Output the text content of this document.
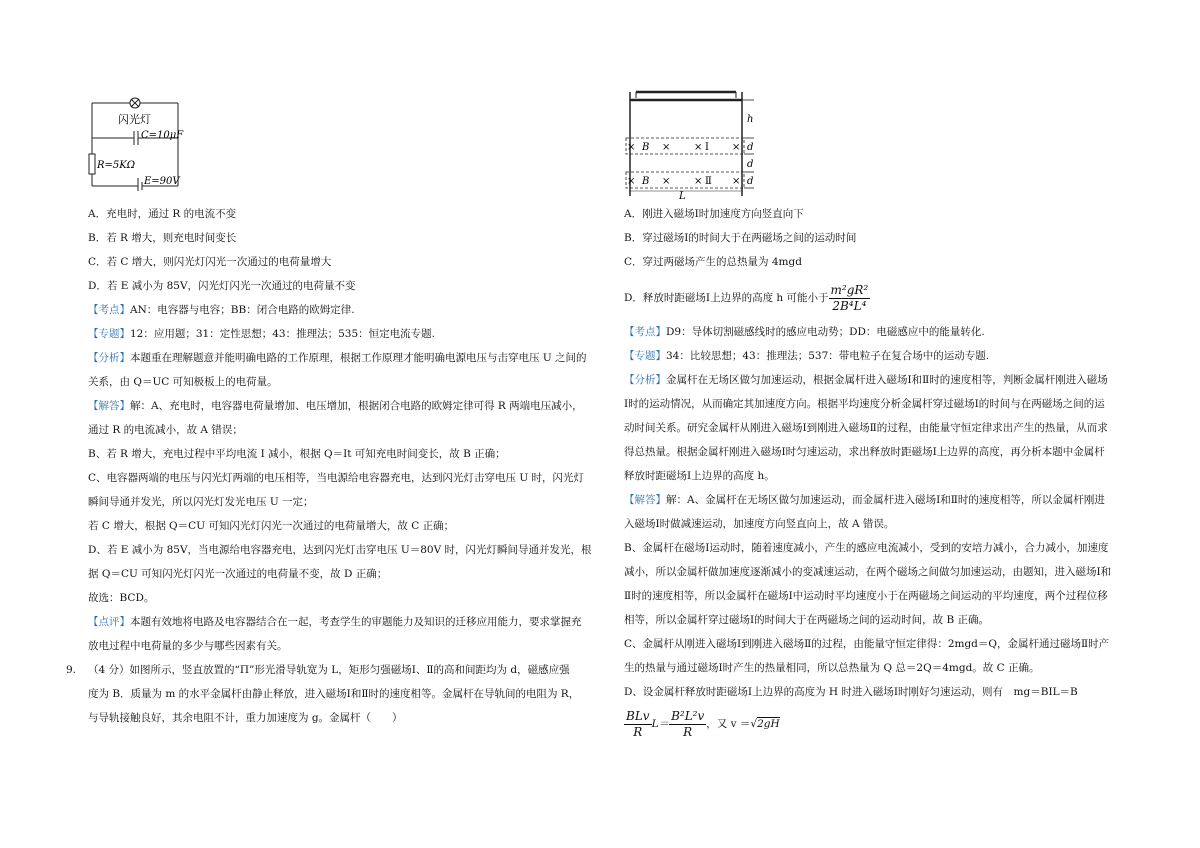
闪光灯
C=10μF
R=5KΩ
E=90V
A．充电时，通过 R 的电流不变
B．若 R 增大，则充电时间变长
C．若 C 增大，则闪光灯闪光一次通过的电荷量增大
D．若 E 减小为 85V，闪光灯闪光一次通过的电荷量不变
【考点】AN：电容器与电容；BB：闭合电路的欧姆定律.
【专题】12：应用题；31：定性思想；43：推理法；535：恒定电流专题.
【分析】本题重在理解题意并能明确电路的工作原理，根据工作原理才能明确电源电压与击穿电压 U 之间的
关系，由 Q＝UC 可知极板上的电荷量。
【解答】解：A、充电时，电容器电荷量增加、电压增加，根据闭合电路的欧姆定律可得 R 两端电压减小，
通过 R 的电流减小，故 A 错误；
B、若 R 增大，充电过程中平均电流 I 减小，根据 Q＝It 可知充电时间变长，故 B 正确；
C、电容器两端的电压与闪光灯两端的电压相等，当电源给电容器充电，达到闪光灯击穿电压 U 时，闪光灯
瞬间导通并发光，所以闪光灯发光电压 U 一定；
若 C 增大，根据 Q＝CU 可知闪光灯闪光一次通过的电荷量增大，故 C 正确；
D、若 E 减小为 85V，当电源给电容器充电，达到闪光灯击穿电压 U＝80V 时，闪光灯瞬间导通并发光，根
据 Q＝CU 可知闪光灯闪光一次通过的电荷量不变，故 D 正确；
故选：BCD。
【点评】本题有效地将电路及电容器结合在一起，考查学生的审题能力及知识的迁移应用能力，要求掌握充
放电过程中电荷量的多少与哪些因素有关。
9. （4 分）如图所示，竖直放置的“Π”形光滑导轨宽为 L，矩形匀强磁场Ⅰ、Ⅱ的高和间距均为 d，磁感应强
度为 B．质量为 m 的水平金属杆由静止释放，进入磁场Ⅰ和Ⅱ时的速度相等。金属杆在导轨间的电阻为 R，
与导轨接触良好，其余电阻不计，重力加速度为 g。金属杆（　　）
h
d
d
d
L
× B × × Ⅰ ×
× B × × Ⅱ ×
A．刚进入磁场Ⅰ时加速度方向竖直向下
B．穿过磁场Ⅰ的时间大于在两磁场之间的运动时间
C．穿过两磁场产生的总热量为 4mgd
D．释放时距磁场Ⅰ上边界的高度 h 可能小于 $\frac{\text{m²gR²}}{\text{2B⁴L⁴}}$
【考点】D9：导体切割磁感线时的感应电动势；DD：电磁感应中的能量转化.
【专题】34：比较思想；43：推理法；537：带电粒子在复合场中的运动专题.
【分析】金属杆在无场区做匀加速运动，根据金属杆进入磁场Ⅰ和Ⅱ时的速度相等，判断金属杆刚进入磁场
Ⅰ时的运动情况，从而确定其加速度方向。根据平均速度分析金属杆穿过磁场Ⅰ的时间与在两磁场之间的运
动时间关系。研究金属杆从刚进入磁场Ⅰ到刚进入磁场Ⅱ的过程，由能量守恒定律求出产生的热量，从而求
得总热量。根据金属杆刚进入磁场Ⅰ时匀速运动，求出释放时距磁场Ⅰ上边界的高度，再分析本题中金属杆
释放时距磁场Ⅰ上边界的高度 h。
【解答】解：A、金属杆在无场区做匀加速运动，而金属杆进入磁场Ⅰ和Ⅱ时的速度相等，所以金属杆刚进
入磁场Ⅰ时做减速运动，加速度方向竖直向上，故 A 错误。
B、金属杆在磁场Ⅰ运动时，随着速度减小，产生的感应电流减小，受到的安培力减小，合力减小，加速度
减小，所以金属杆做加速度逐渐减小的变减速运动，在两个磁场之间做匀加速运动，由题知，进入磁场Ⅰ和
Ⅱ时的速度相等，所以金属杆在磁场Ⅰ中运动时平均速度小于在两磁场之间运动的平均速度，两个过程位移
相等，所以金属杆穿过磁场Ⅰ的时间大于在两磁场之间的运动时间，故 B 正确。
C、金属杆从刚进入磁场Ⅰ到刚进入磁场Ⅱ的过程，由能量守恒定律得：2mgd＝Q，金属杆通过磁场Ⅱ时产
生的热量与通过磁场Ⅰ时产生的热量相同，所以总热量为 Q 总＝2Q＝4mgd。故 C 正确。
D、设金属杆释放时距磁场Ⅰ上边界的高度为 H 时进入磁场Ⅰ时刚好匀速运动，则有　mg＝BIL＝B
$\frac{\text{BLv}}{R} L= \frac{\text{B²L²v}}{R}$ ，又 v ＝√2gH
